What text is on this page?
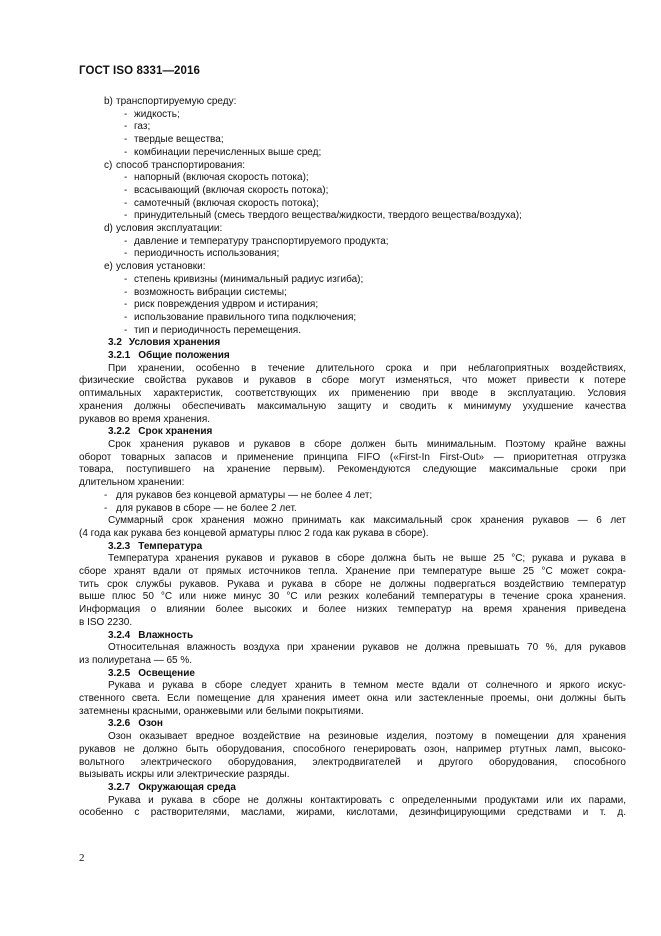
ГОСТ ISO 8331—2016
b) транспортируемую среду:
- жидкость;
- газ;
- твердые вещества;
- комбинации перечисленных выше сред;
c) способ транспортирования:
- напорный (включая скорость потока);
- всасывающий (включая скорость потока);
- самотечный (включая скорость потока);
- принудительный (смесь твердого вещества/жидкости, твердого вещества/воздуха);
d) условия эксплуатации:
- давление и температуру транспортируемого продукта;
- периодичность использования;
e) условия установки:
- степень кривизны (минимальный радиус изгиба);
- возможность вибрации системы;
- риск повреждения удвром и истирания;
- использование правильного типа подключения;
- тип и периодичность перемещения.
3.2 Условия хранения
3.2.1 Общие положения
При хранении, особенно в течение длительного срока и при неблагоприятных воздействиях,
физические свойства рукавов и рукавов в сборе могут изменяться, что может привести к потере
оптимальных характеристик, соответствующих их применению при вводе в эксплуатацию. Условия
хранения должны обеспечивать максимальную защиту и сводить к минимуму ухудшение качества
рукавов во время хранения.
3.2.2 Срок хранения
Срок хранения рукавов и рукавов в сборе должен быть минимальным. Поэтому крайне важны
оборот товарных запасов и применение принципа FIFO («First-In First-Out» — приоритетная отгрузка
товара, поступившего на хранение первым). Рекомендуются следующие максимальные сроки при
длительном хранении:
- для рукавов без концевой арматуры — не более 4 лет;
- для рукавов в сборе — не более 2 лет.
Суммарный срок хранения можно принимать как максимальный срок хранения рукавов — 6 лет
(4 года как рукава без концевой арматуры плюс 2 года как рукава в сборе).
3.2.3 Температура
Температура хранения рукавов и рукавов в сборе должна быть не выше 25 °С; рукава и рукава в
сборе хранят вдали от прямых источников тепла. Хранение при температуре выше 25 °С может сокра-
тить срок службы рукавов. Рукава и рукава в сборе не должны подвергаться воздействию температур
выше плюс 50 °С или ниже минус 30 °С или резких колебаний температуры в течение срока хранения.
Информация о влиянии более высоких и более низких температур на время хранения приведена
в ISO 2230.
3.2.4 Влажность
Относительная влажность воздуха при хранении рукавов не должна превышать 70 %, для рукавов
из полиуретана — 65 %.
3.2.5 Освещение
Рукава и рукава в сборе следует хранить в темном месте вдали от солнечного и яркого искус-
ственного света. Если помещение для хранения имеет окна или застекленные проемы, они должны быть
затемнены красными, оранжевыми или белыми покрытиями.
3.2.6 Озон
Озон оказывает вредное воздействие на резиновые изделия, поэтому в помещении для хранения
рукавов не должно быть оборудования, способного генерировать озон, например ртутных ламп, высоко-
вольтного электрического оборудования, электродвигателей и другого оборудования, способного
вызывать искры или электрические разряды.
3.2.7 Окружающая среда
Рукава и рукава в сборе не должны контактировать с определенными продуктами или их парами,
особенно с растворителями, маслами, жирами, кислотами, дезинфицирующими средствами и т. д.
2
